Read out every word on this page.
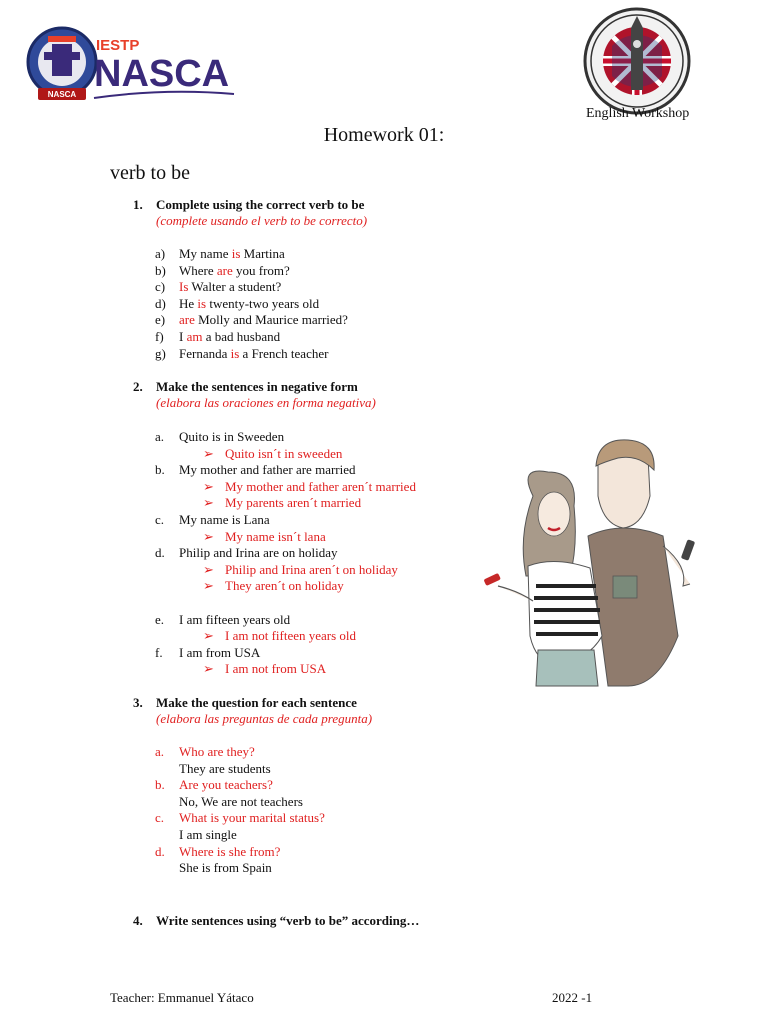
NASCA
IESTP
NASCA
English Workshop
Homework 01:
verb to be
1. Complete using the correct verb to be
(complete usando el verb to be correcto)
a) My name is Martina
b) Where are you from?
c) Is Walter a student?
d) He is twenty-two years old
e) are Molly and Maurice married?
f) I am a bad husband
g) Fernanda is a French teacher
2. Make the sentences in negative form
(elabora las oraciones en forma negativa)
a. Quito is in Sweeden
➢ Quito isn´t in sweeden
b. My mother and father are married
➢ My mother and father aren´t married
➢ My parents aren´t married
c. My name is Lana
➢ My name isn´t lana
d. Philip and Irina are on holiday
➢ Philip and Irina aren´t on holiday
➢ They aren´t on holiday
e. I am fifteen years old
➢ I am not fifteen years old
f. I am from USA
➢ I am not from USA
3. Make the question for each sentence
(elabora las preguntas de cada pregunta)
a. Who are they?
They are students
b. Are you teachers?
No, We are not teachers
c. What is your marital status?
I am single
d. Where is she from?
She is from Spain
4. Write sentences using “verb to be” according…
Teacher: Emmanuel Yátaco	2022 -1
